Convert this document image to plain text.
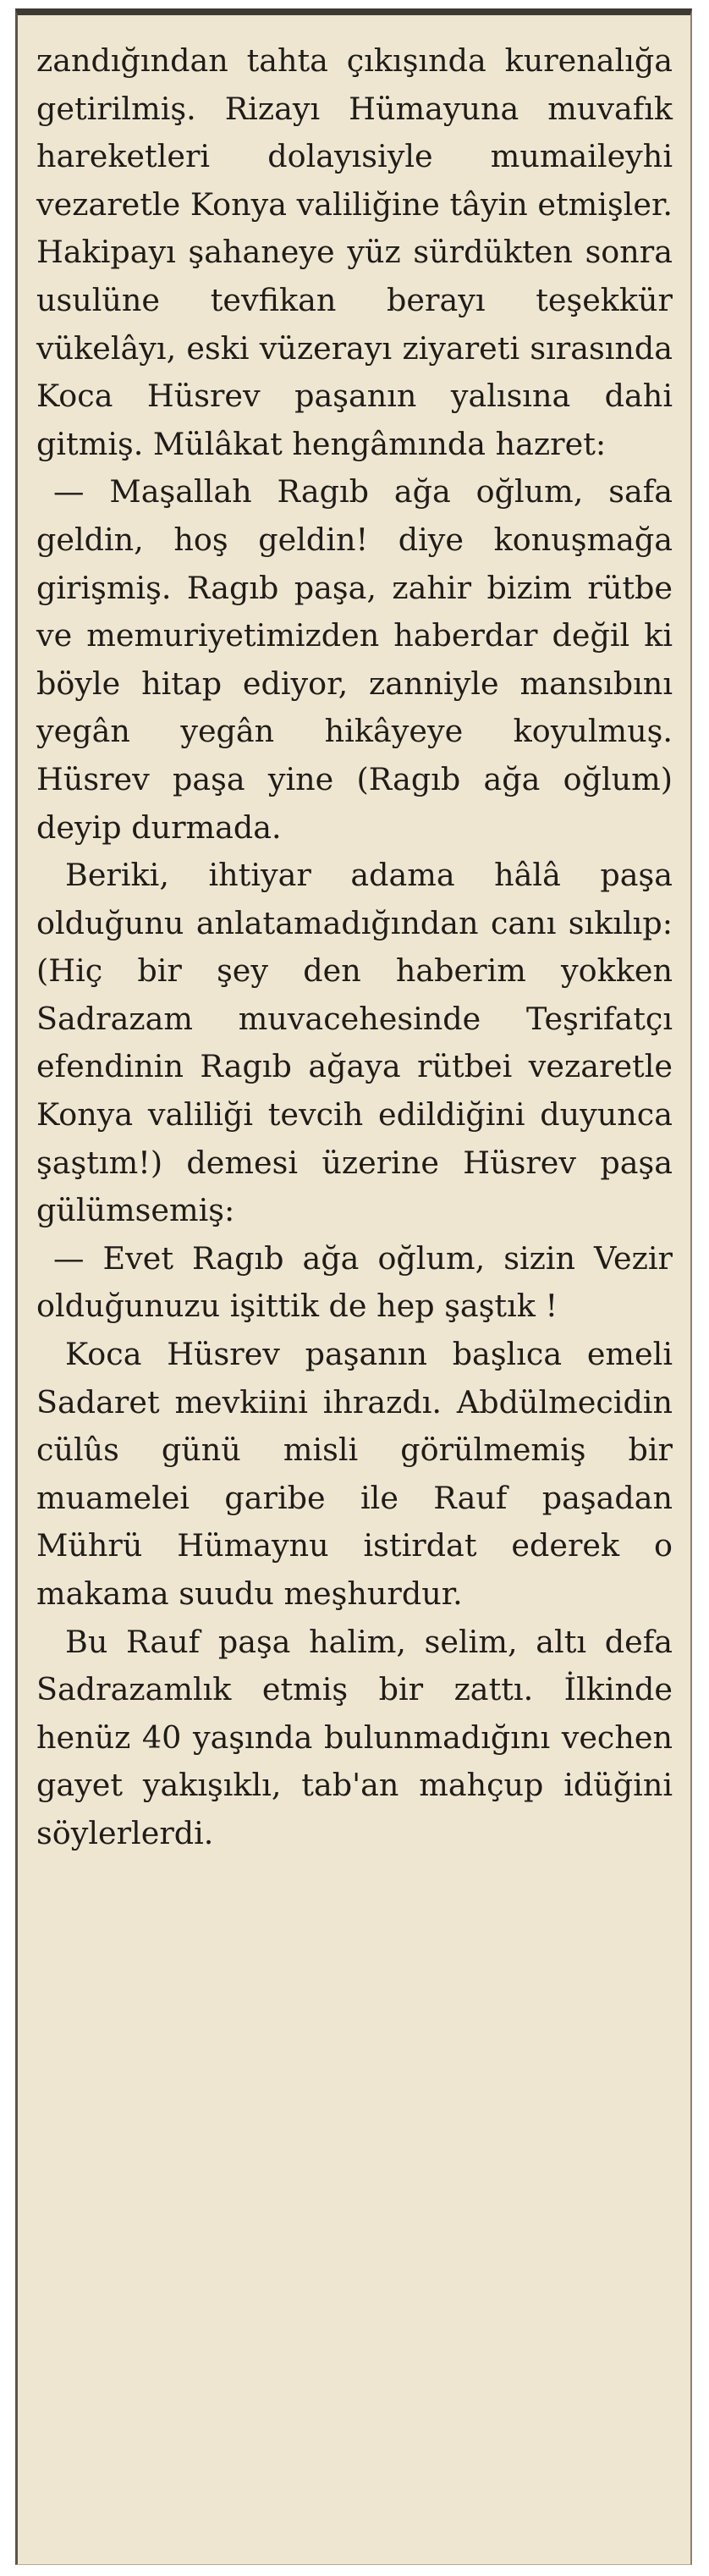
zandığından tahta çıkışında kurenalığa getirilmiş. Rizayı Hümayuna muvafık hareketleri dolayısiyle mumaileyhi vezaretle Konya valiliğine tâyin etmişler. Hakipayı şahaneye yüz sürdükten sonra usulüne tevfikan berayı teşekkür vükelâyı, eski vüzerayı ziyareti sırasında Koca Hüsrev paşanın yalısına dahi gitmiş. Mülâkat hengâmında hazret:

— Maşallah Ragıb ağa oğlum, safa geldin, hoş geldin! diye konuşmağa girişmiş. Ragıb paşa, zahir bizim rütbe ve memuriyetimizden haberdar değil ki böyle hitap ediyor, zanniyle mansıbını yegân yegân hikâyeye koyulmuş. Hüsrev paşa yine (Ragıb ağa oğlum) deyip durmada.

Beriki, ihtiyar adama hâlâ paşa olduğunu anlatamadığından canı sıkılıp: (Hiç bir şey den haberim yokken Sadrazam muvacehesinde Teşrifatçı efendinin Ragıb ağaya rütbei vezaretle Konya valiliği tevcih edildiğini duyunca şaştım!) demesi üzerine Hüsrev paşa gülümsemiş:

— Evet Ragıb ağa oğlum, sizin Vezir olduğunuzu işittik de hep şaştık !

Koca Hüsrev paşanın başlıca emeli Sadaret mevkiini ihrazdı. Abdülmecidin cülûs günü misli görülmemiş bir muamelei garibe ile Rauf paşadan Mührü Hümaynu istirdat ederek o makama suudu meşhurdur.

Bu Rauf paşa halim, selim, altı defa Sadrazamlık etmiş bir zattı. İlkinde henüz 40 yaşında bulunmadığını vechen gayet yakışıklı, tab'an mahçup idüğini söylerlerdi.
